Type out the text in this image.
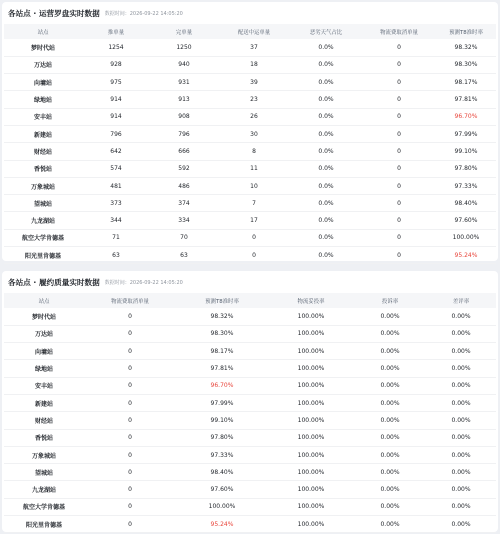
各站点 · 运营罗盘实时数据 数据时间：2026-09-22 14:05:20
站点	推单量	完单量	配送中运单量	恶劣天气占比	物流费取消单量	预测T8准时率
梦时代站	1254	1250	37	0.0%	0	98.32%
万达站	928	940	18	0.0%	0	98.30%
向墉站	975	931	39	0.0%	0	98.17%
绿地站	914	913	23	0.0%	0	97.81%
安丰站	914	908	26	0.0%	0	96.70%
新建站	796	796	30	0.0%	0	97.99%
财经站	642	666	8	0.0%	0	99.10%
香悦站	574	592	11	0.0%	0	97.80%
万象城站	481	486	10	0.0%	0	97.33%
望城站	373	374	7	0.0%	0	98.40%
九龙湖站	344	334	17	0.0%	0	97.60%
航空大学肯德基	71	70	0	0.0%	0	100.00%
阳光里肯德基	63	63	0	0.0%	0	95.24%
各站点 · 履约质量实时数据 数据时间：2026-09-22 14:05:20
站点	物流费取消单量	预测T8准时率	物流妥投率	投诉率	差评率
梦时代站	0	98.32%	100.00%	0.00%	0.00%
万达站	0	98.30%	100.00%	0.00%	0.00%
向墉站	0	98.17%	100.00%	0.00%	0.00%
绿地站	0	97.81%	100.00%	0.00%	0.00%
安丰站	0	96.70%	100.00%	0.00%	0.00%
新建站	0	97.99%	100.00%	0.00%	0.00%
财经站	0	99.10%	100.00%	0.00%	0.00%
香悦站	0	97.80%	100.00%	0.00%	0.00%
万象城站	0	97.33%	100.00%	0.00%	0.00%
望城站	0	98.40%	100.00%	0.00%	0.00%
九龙湖站	0	97.60%	100.00%	0.00%	0.00%
航空大学肯德基	0	100.00%	100.00%	0.00%	0.00%
阳光里肯德基	0	95.24%	100.00%	0.00%	0.00%
